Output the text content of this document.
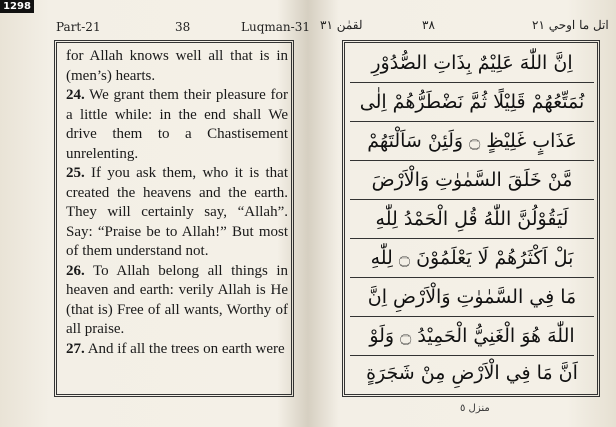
1298
Part-21	38	Luqman-31

for Allah knows well all that is in (men’s) hearts.

24. We grant them their pleasure for a little while: in the end shall We drive them to a Chastisement unrelenting.

25. If you ask them, who it is that created the heavens and the earth. They will certainly say, “Allah”. Say: “Praise be to Allah!” But most of them understand not.

26. To Allah belong all things in heaven and earth: verily Allah is He (that is) Free of all wants, Worthy of all praise.

27. And if all the trees on earth were

لقمٰن ٣١	٣٨	اتل ما اوحي ٢١
اِنَّ اللّٰهَ عَلِيْمٌ بِذَاتِ الصُّدُوْرِ
نُمَتِّعُهُمْ قَلِيْلًا ثُمَّ نَضْطَرُّهُمْ اِلٰى
عَذَابٍ غَلِيْظٍ ۝ وَلَئِنْ سَاَلْتَهُمْ
مَّنْ خَلَقَ السَّمٰوٰتِ وَالْاَرْضَ
لَيَقُوْلُنَّ اللّٰهُ قُلِ الْحَمْدُ لِلّٰهِ
بَلْ اَكْثَرُهُمْ لَا يَعْلَمُوْنَ ۝ لِلّٰهِ
مَا فِي السَّمٰوٰتِ وَالْاَرْضِ اِنَّ
اللّٰهَ هُوَ الْغَنِيُّ الْحَمِيْدُ ۝ وَلَوْ
اَنَّ مَا فِي الْاَرْضِ مِنْ شَجَرَةٍ
منزل ٥
